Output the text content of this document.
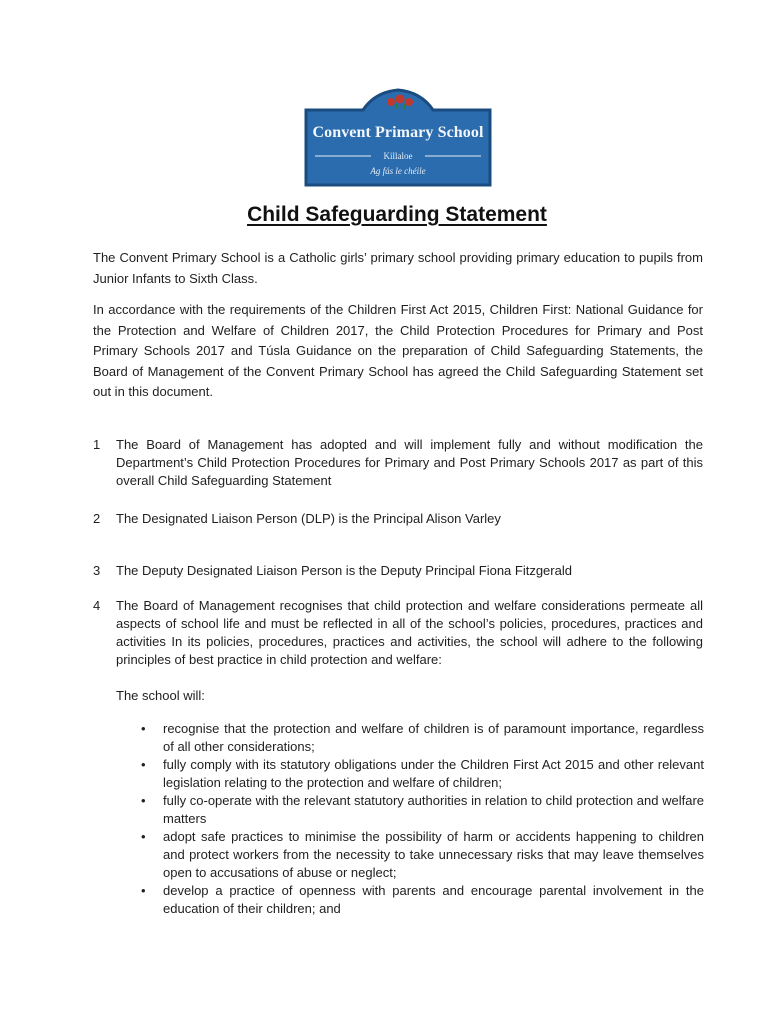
Convent Primary School
Killaloe
Ag fás le chéile
Child Safeguarding Statement
The Convent Primary School is a Catholic girls’ primary school providing primary education to pupils from Junior Infants to Sixth Class.
In accordance with the requirements of the Children First Act 2015, Children First: National Guidance for the Protection and Welfare of Children 2017, the Child Protection Procedures for Primary and Post Primary Schools 2017 and Túsla Guidance on the preparation of Child Safeguarding Statements, the Board of Management of the Convent Primary School has agreed the Child Safeguarding Statement set out in this document.
1 The Board of Management has adopted and will implement fully and without modification the Department’s Child Protection Procedures for Primary and Post Primary Schools 2017 as part of this overall Child Safeguarding Statement
2 The Designated Liaison Person (DLP) is the Principal Alison Varley
3 The Deputy Designated Liaison Person is the Deputy Principal Fiona Fitzgerald
4 The Board of Management recognises that child protection and welfare considerations permeate all aspects of school life and must be reflected in all of the school’s policies, procedures, practices and activities In its policies, procedures, practices and activities, the school will adhere to the following principles of best practice in child protection and welfare:
The school will:
• recognise that the protection and welfare of children is of paramount importance, regardless of all other considerations;
• fully comply with its statutory obligations under the Children First Act 2015 and other relevant legislation relating to the protection and welfare of children;
• fully co-operate with the relevant statutory authorities in relation to child protection and welfare matters
• adopt safe practices to minimise the possibility of harm or accidents happening to children and protect workers from the necessity to take unnecessary risks that may leave themselves open to accusations of abuse or neglect;
• develop a practice of openness with parents and encourage parental involvement in the education of their children; and
